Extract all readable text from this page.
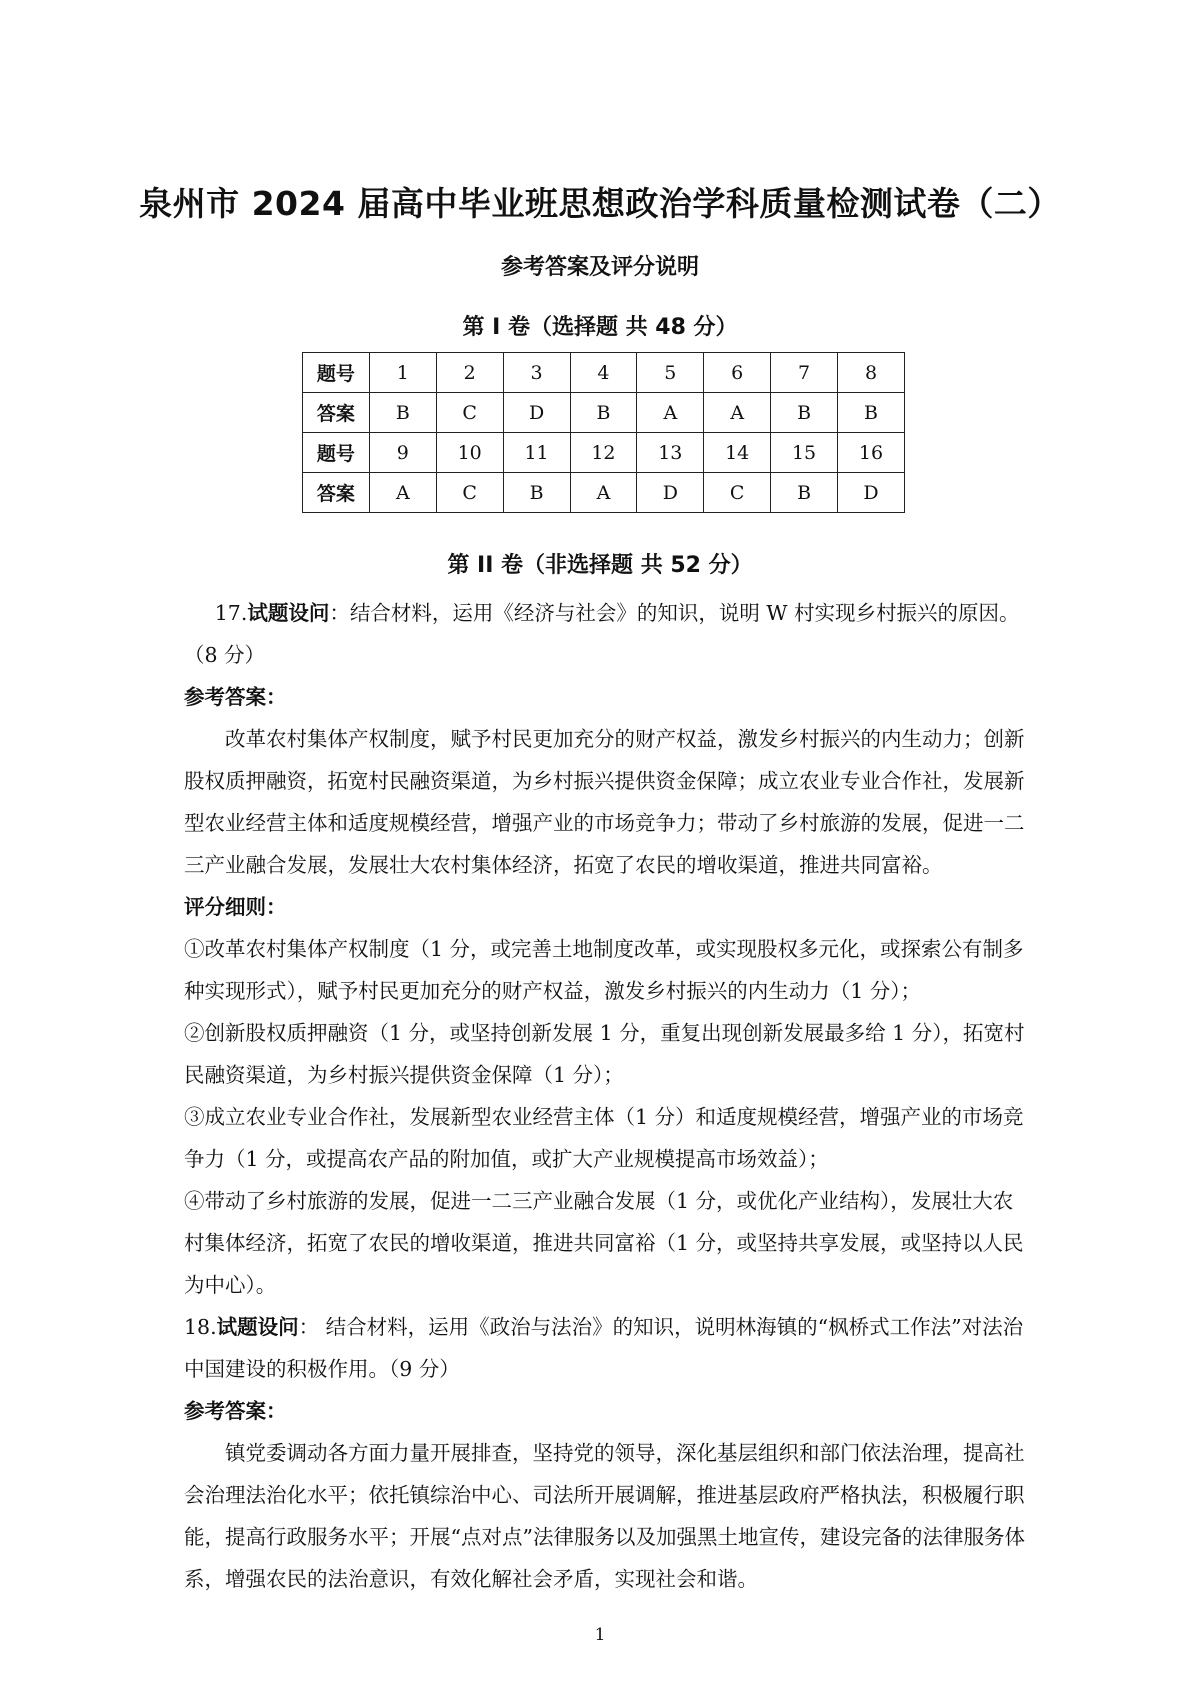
泉州市 2024 届高中毕业班思想政治学科质量检测试卷（二）
参考答案及评分说明
第 I 卷（选择题 共 48 分）
题号	1	2	3	4	5	6	7	8
答案	B	C	D	B	A	A	B	B
题号	9	10	11	12	13	14	15	16
答案	A	C	B	A	D	C	B	D
第 II 卷（非选择题 共 52 分）

17.试题设问：结合材料，运用《经济与社会》的知识，说明 W 村实现乡村振兴的原因。（8 分）

参考答案：

改革农村集体产权制度，赋予村民更加充分的财产权益，激发乡村振兴的内生动力；创新股权质押融资，拓宽村民融资渠道，为乡村振兴提供资金保障；成立农业专业合作社，发展新型农业经营主体和适度规模经营，增强产业的市场竞争力；带动了乡村旅游的发展，促进一二三产业融合发展，发展壮大农村集体经济，拓宽了农民的增收渠道，推进共同富裕。

评分细则：

①改革农村集体产权制度（1 分，或完善土地制度改革，或实现股权多元化，或探索公有制多种实现形式），赋予村民更加充分的财产权益，激发乡村振兴的内生动力（1 分）；

②创新股权质押融资（1 分，或坚持创新发展 1 分，重复出现创新发展最多给 1 分），拓宽村民融资渠道，为乡村振兴提供资金保障（1 分）；

③成立农业专业合作社，发展新型农业经营主体（1 分）和适度规模经营，增强产业的市场竞争力（1 分，或提高农产品的附加值，或扩大产业规模提高市场效益）；

④带动了乡村旅游的发展，促进一二三产业融合发展（1 分，或优化产业结构），发展壮大农村集体经济，拓宽了农民的增收渠道，推进共同富裕（1 分，或坚持共享发展，或坚持以人民为中心）。

18.试题设问： 结合材料，运用《政治与法治》的知识，说明林海镇的“枫桥式工作法”对法治中国建设的积极作用。（9 分）

参考答案：

镇党委调动各方面力量开展排查，坚持党的领导，深化基层组织和部门依法治理，提高社会治理法治化水平；依托镇综治中心、司法所开展调解，推进基层政府严格执法，积极履行职能，提高行政服务水平；开展“点对点”法律服务以及加强黑土地宣传，建设完备的法律服务体系，增强农民的法治意识，有效化解社会矛盾，实现社会和谐。

1
